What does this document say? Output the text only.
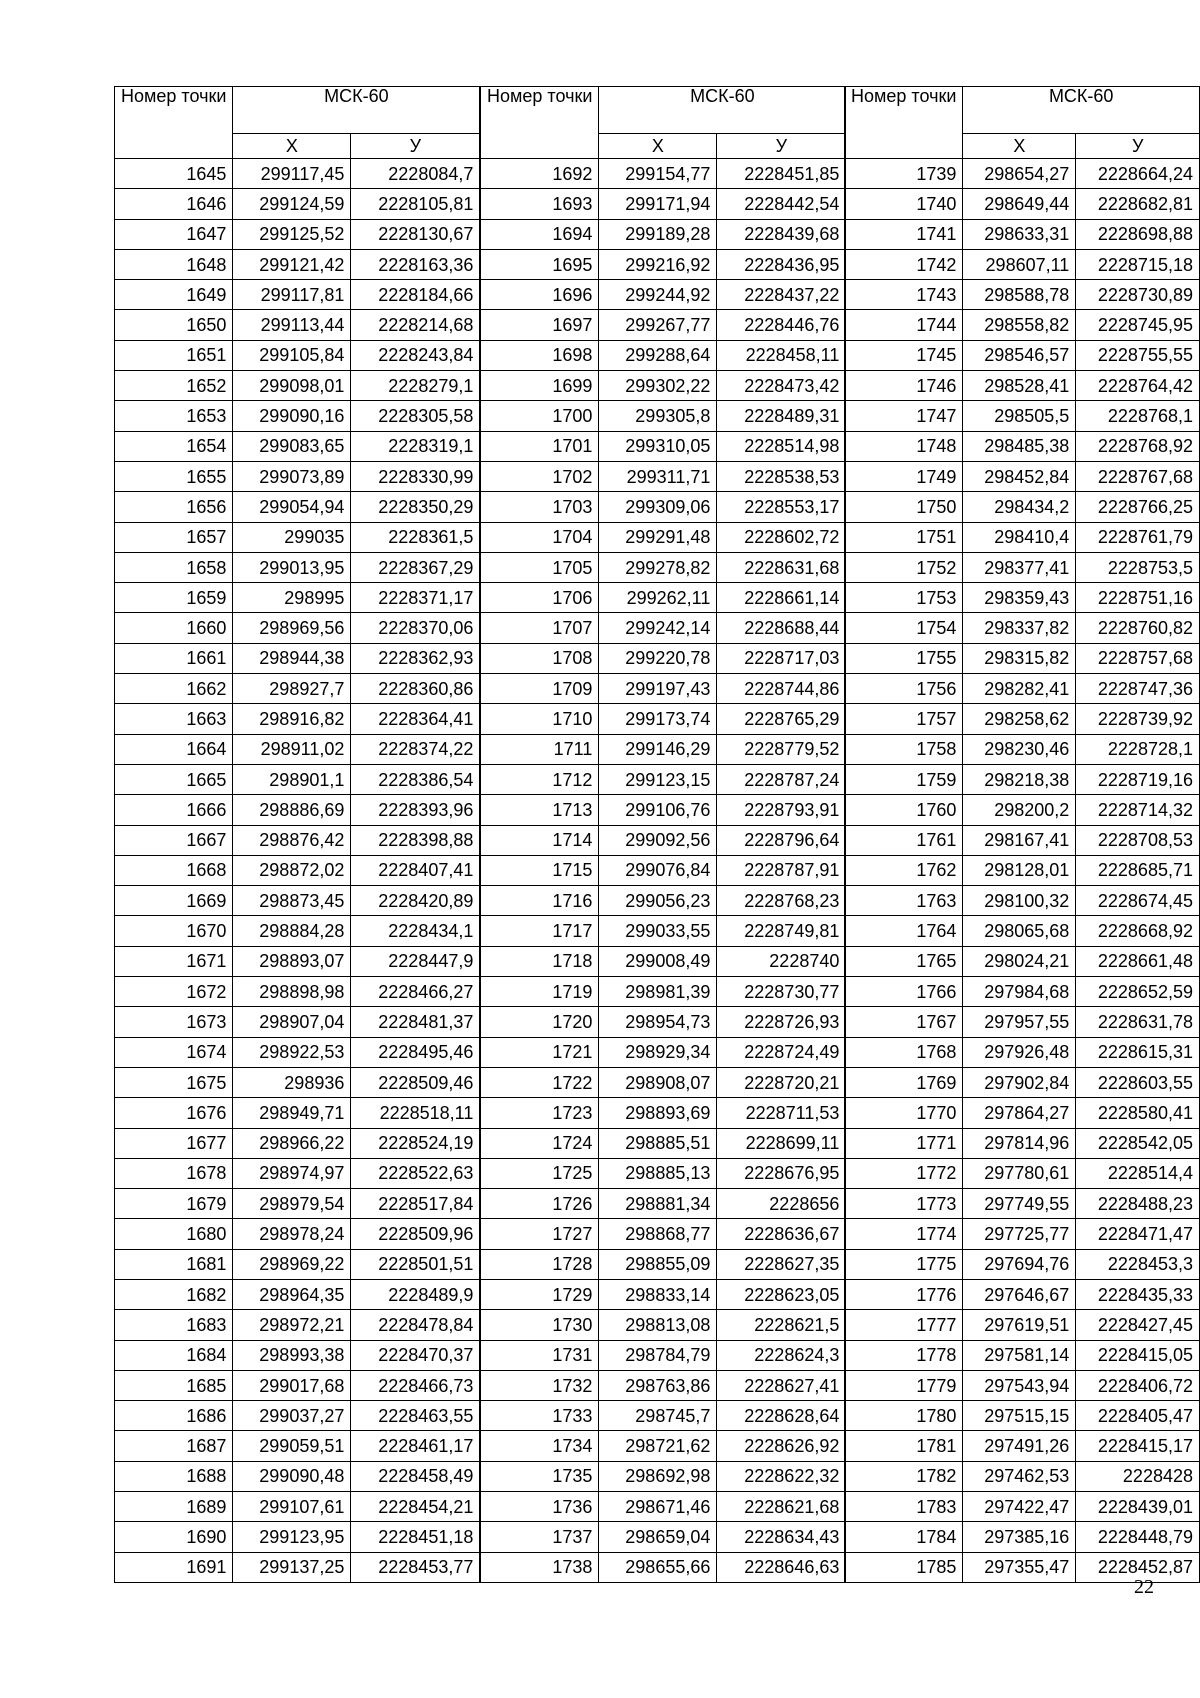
Номер точки	МСК-60	
	Х	У
1645	299117,45	2228084,7
1646	299124,59	2228105,81
1647	299125,52	2228130,67
1648	299121,42	2228163,36
1649	299117,81	2228184,66
1650	299113,44	2228214,68
1651	299105,84	2228243,84
1652	299098,01	2228279,1
1653	299090,16	2228305,58
1654	299083,65	2228319,1
1655	299073,89	2228330,99
1656	299054,94	2228350,29
1657	299035	2228361,5
1658	299013,95	2228367,29
1659	298995	2228371,17
1660	298969,56	2228370,06
1661	298944,38	2228362,93
1662	298927,7	2228360,86
1663	298916,82	2228364,41
1664	298911,02	2228374,22
1665	298901,1	2228386,54
1666	298886,69	2228393,96
1667	298876,42	2228398,88
1668	298872,02	2228407,41
1669	298873,45	2228420,89
1670	298884,28	2228434,1
1671	298893,07	2228447,9
1672	298898,98	2228466,27
1673	298907,04	2228481,37
1674	298922,53	2228495,46
1675	298936	2228509,46
1676	298949,71	2228518,11
1677	298966,22	2228524,19
1678	298974,97	2228522,63
1679	298979,54	2228517,84
1680	298978,24	2228509,96
1681	298969,22	2228501,51
1682	298964,35	2228489,9
1683	298972,21	2228478,84
1684	298993,38	2228470,37
1685	299017,68	2228466,73
1686	299037,27	2228463,55
1687	299059,51	2228461,17
1688	299090,48	2228458,49
1689	299107,61	2228454,21
1690	299123,95	2228451,18
1691	299137,25	2228453,77
Номер точки	МСК-60	
	Х	У
1692	299154,77	2228451,85
1693	299171,94	2228442,54
1694	299189,28	2228439,68
1695	299216,92	2228436,95
1696	299244,92	2228437,22
1697	299267,77	2228446,76
1698	299288,64	2228458,11
1699	299302,22	2228473,42
1700	299305,8	2228489,31
1701	299310,05	2228514,98
1702	299311,71	2228538,53
1703	299309,06	2228553,17
1704	299291,48	2228602,72
1705	299278,82	2228631,68
1706	299262,11	2228661,14
1707	299242,14	2228688,44
1708	299220,78	2228717,03
1709	299197,43	2228744,86
1710	299173,74	2228765,29
1711	299146,29	2228779,52
1712	299123,15	2228787,24
1713	299106,76	2228793,91
1714	299092,56	2228796,64
1715	299076,84	2228787,91
1716	299056,23	2228768,23
1717	299033,55	2228749,81
1718	299008,49	2228740
1719	298981,39	2228730,77
1720	298954,73	2228726,93
1721	298929,34	2228724,49
1722	298908,07	2228720,21
1723	298893,69	2228711,53
1724	298885,51	2228699,11
1725	298885,13	2228676,95
1726	298881,34	2228656
1727	298868,77	2228636,67
1728	298855,09	2228627,35
1729	298833,14	2228623,05
1730	298813,08	2228621,5
1731	298784,79	2228624,3
1732	298763,86	2228627,41
1733	298745,7	2228628,64
1734	298721,62	2228626,92
1735	298692,98	2228622,32
1736	298671,46	2228621,68
1737	298659,04	2228634,43
1738	298655,66	2228646,63
Номер точки	МСК-60	
	Х	У
1739	298654,27	2228664,24
1740	298649,44	2228682,81
1741	298633,31	2228698,88
1742	298607,11	2228715,18
1743	298588,78	2228730,89
1744	298558,82	2228745,95
1745	298546,57	2228755,55
1746	298528,41	2228764,42
1747	298505,5	2228768,1
1748	298485,38	2228768,92
1749	298452,84	2228767,68
1750	298434,2	2228766,25
1751	298410,4	2228761,79
1752	298377,41	2228753,5
1753	298359,43	2228751,16
1754	298337,82	2228760,82
1755	298315,82	2228757,68
1756	298282,41	2228747,36
1757	298258,62	2228739,92
1758	298230,46	2228728,1
1759	298218,38	2228719,16
1760	298200,2	2228714,32
1761	298167,41	2228708,53
1762	298128,01	2228685,71
1763	298100,32	2228674,45
1764	298065,68	2228668,92
1765	298024,21	2228661,48
1766	297984,68	2228652,59
1767	297957,55	2228631,78
1768	297926,48	2228615,31
1769	297902,84	2228603,55
1770	297864,27	2228580,41
1771	297814,96	2228542,05
1772	297780,61	2228514,4
1773	297749,55	2228488,23
1774	297725,77	2228471,47
1775	297694,76	2228453,3
1776	297646,67	2228435,33
1777	297619,51	2228427,45
1778	297581,14	2228415,05
1779	297543,94	2228406,72
1780	297515,15	2228405,47
1781	297491,26	2228415,17
1782	297462,53	2228428
1783	297422,47	2228439,01
1784	297385,16	2228448,79
1785	297355,47	2228452,87
22
